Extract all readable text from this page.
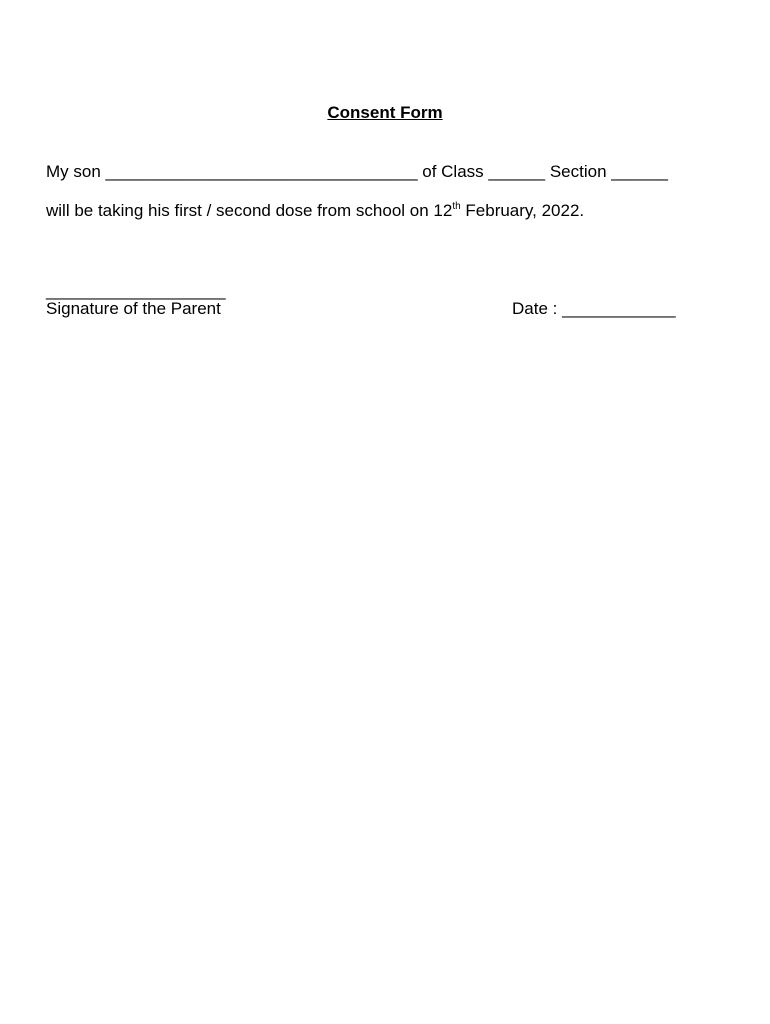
Consent Form
My son _________________________________ of Class ______ Section ______
will be taking his first / second dose from school on 12th February, 2022.
___________________
Signature of the Parent	Date : ____________
